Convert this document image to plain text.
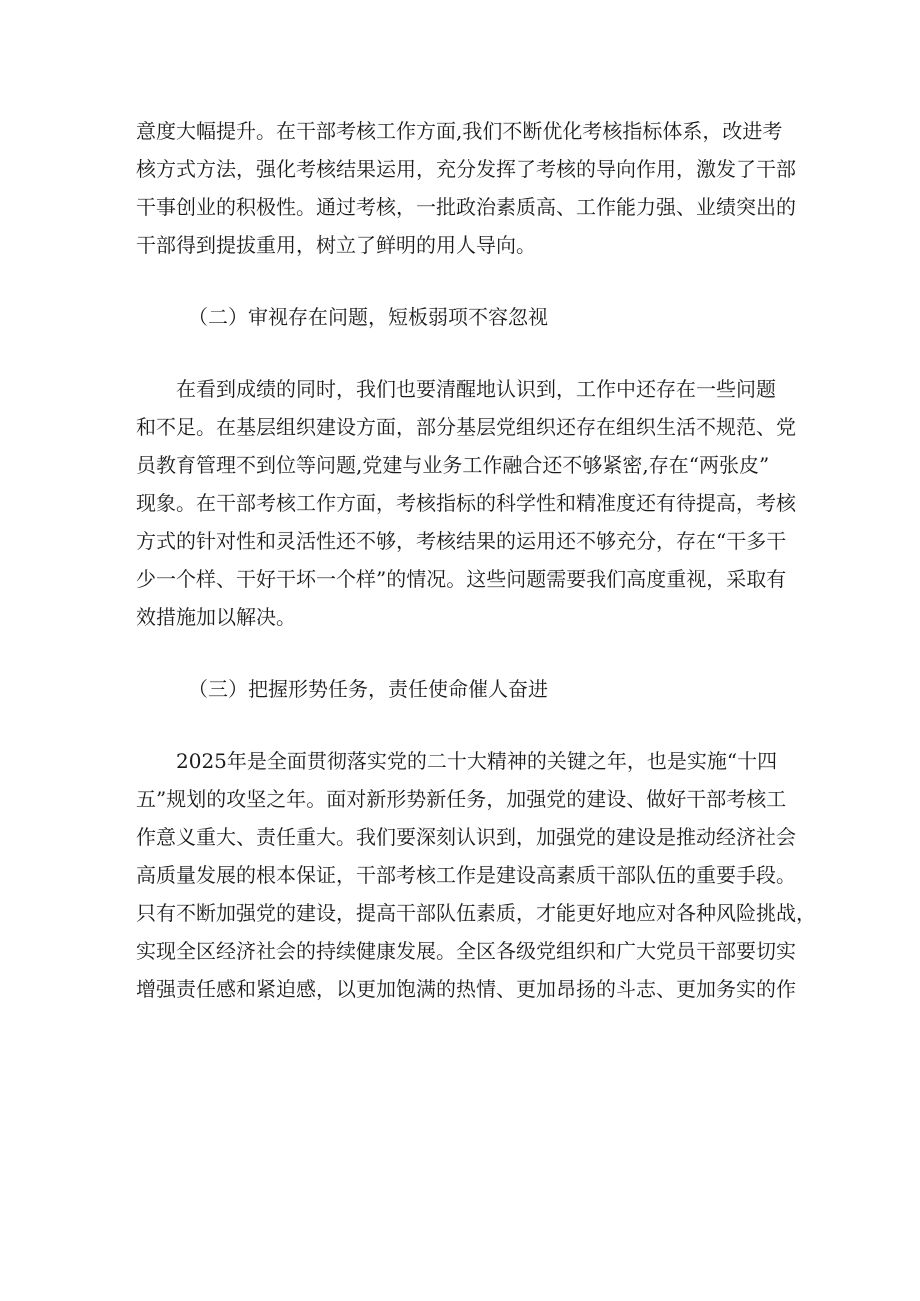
意度大幅提升。在干部考核工作方面,我们不断优化考核指标体系，改进考
核方式方法，强化考核结果运用，充分发挥了考核的导向作用，激发了干部
干事创业的积极性。通过考核，一批政治素质高、工作能力强、业绩突出的
干部得到提拔重用，树立了鲜明的用人导向。
（二）审视存在问题，短板弱项不容忽视
在看到成绩的同时，我们也要清醒地认识到，工作中还存在一些问题
和不足。在基层组织建设方面，部分基层党组织还存在组织生活不规范、党
员教育管理不到位等问题,党建与业务工作融合还不够紧密,存在“两张皮”
现象。在干部考核工作方面，考核指标的科学性和精准度还有待提高，考核
方式的针对性和灵活性还不够，考核结果的运用还不够充分，存在“干多干
少一个样、干好干坏一个样”的情况。这些问题需要我们高度重视，采取有
效措施加以解决。
（三）把握形势任务，责任使命催人奋进
2025年是全面贯彻落实党的二十大精神的关键之年，也是实施“十四
五”规划的攻坚之年。面对新形势新任务，加强党的建设、做好干部考核工
作意义重大、责任重大。我们要深刻认识到，加强党的建设是推动经济社会
高质量发展的根本保证，干部考核工作是建设高素质干部队伍的重要手段。
只有不断加强党的建设，提高干部队伍素质，才能更好地应对各种风险挑战，
实现全区经济社会的持续健康发展。全区各级党组织和广大党员干部要切实
增强责任感和紧迫感，以更加饱满的热情、更加昂扬的斗志、更加务实的作
